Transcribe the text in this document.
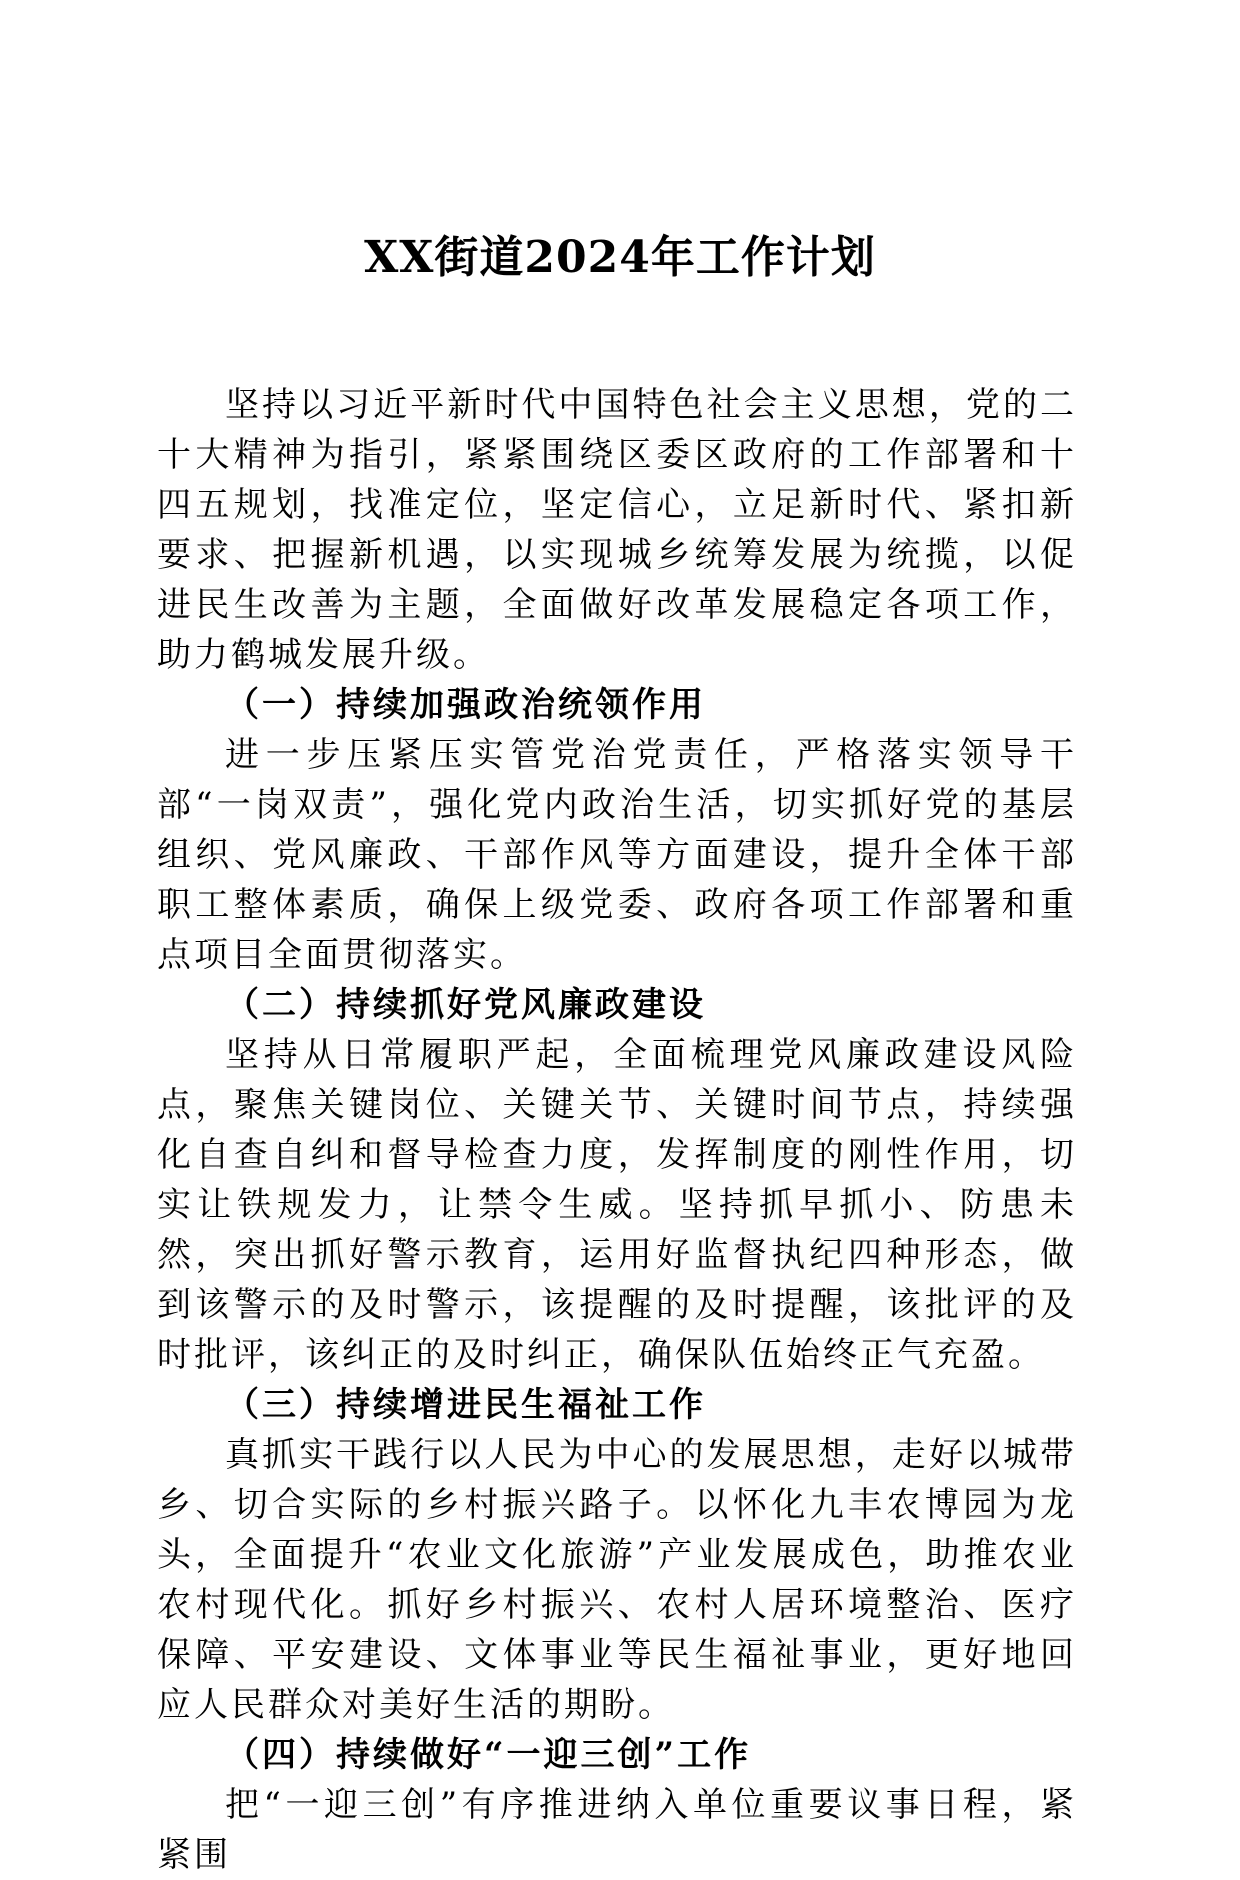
XX街道2024年工作计划

坚持以习近平新时代中国特色社会主义思想，党的二十大精神为指引，紧紧围绕区委区政府的工作部署和十四五规划，找准定位，坚定信心，立足新时代、紧扣新要求、把握新机遇，以实现城乡统筹发展为统揽，以促进民生改善为主题，全面做好改革发展稳定各项工作，助力鹤城发展升级。

（一）持续加强政治统领作用

进一步压紧压实管党治党责任，严格落实领导干部“一岗双责”，强化党内政治生活，切实抓好党的基层组织、党风廉政、干部作风等方面建设，提升全体干部职工整体素质，确保上级党委、政府各项工作部署和重点项目全面贯彻落实。

（二）持续抓好党风廉政建设

坚持从日常履职严起，全面梳理党风廉政建设风险点，聚焦关键岗位、关键关节、关键时间节点，持续强化自查自纠和督导检查力度，发挥制度的刚性作用，切实让铁规发力，让禁令生威。坚持抓早抓小、防患未然，突出抓好警示教育，运用好监督执纪四种形态，做到该警示的及时警示，该提醒的及时提醒，该批评的及时批评，该纠正的及时纠正，确保队伍始终正气充盈。

（三）持续增进民生福祉工作

真抓实干践行以人民为中心的发展思想，走好以城带乡、切合实际的乡村振兴路子。以怀化九丰农博园为龙头，全面提升“农业文化旅游”产业发展成色，助推农业农村现代化。抓好乡村振兴、农村人居环境整治、医疗保障、平安建设、文体事业等民生福祉事业，更好地回应人民群众对美好生活的期盼。

（四）持续做好“一迎三创”工作

把“一迎三创”有序推进纳入单位重要议事日程，紧紧围
